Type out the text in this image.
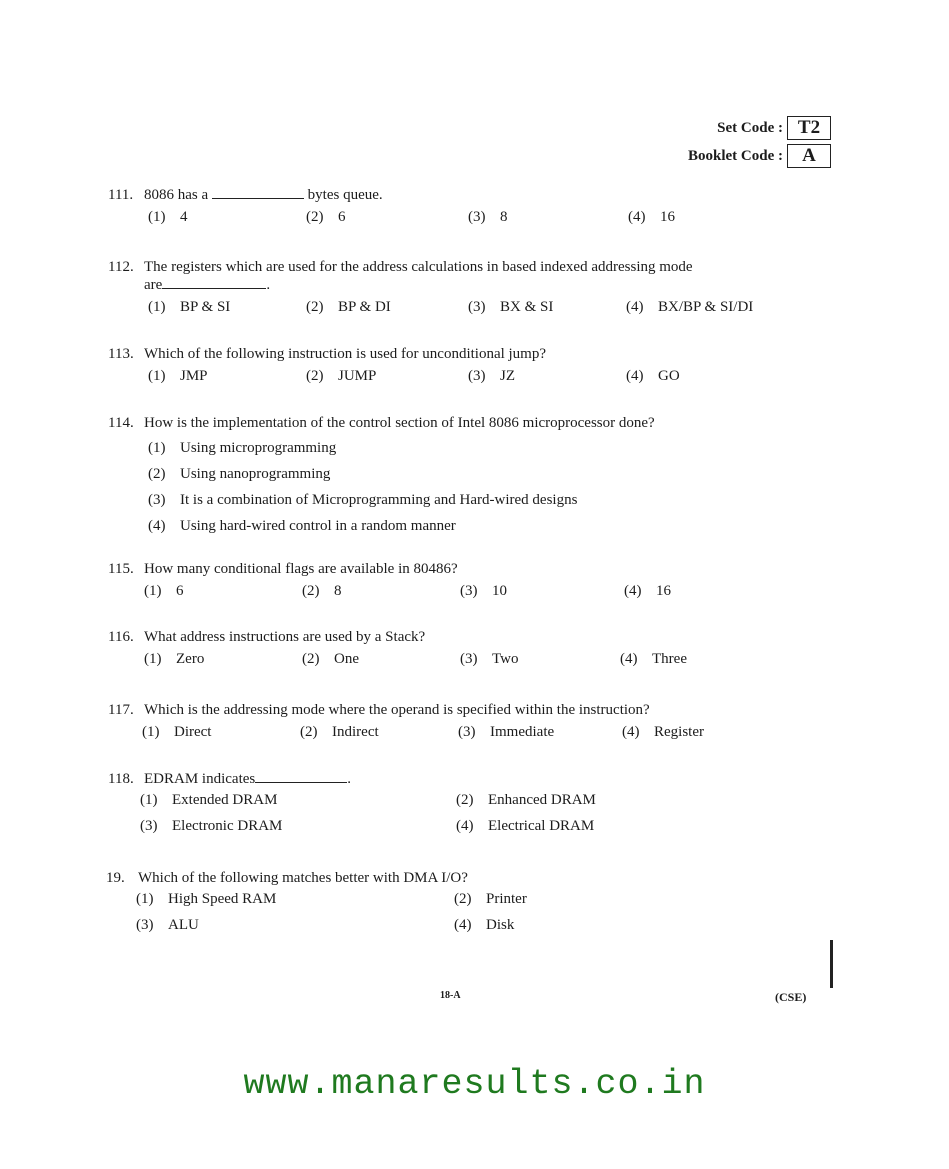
Set Code : T2
Booklet Code :	A
111. 8086 has a	bytes queue.
(1) 4	(2) 6	(3) 8	(4) 16
112. The registers which are used for the address calculations in based indexed addressing mode
are	.
(1) BP & SI	(2) BP & DI	(3) BX & SI	(4) BX/BP & SI/DI
113. Which of the following instruction is used for unconditional jump?
(1) JMP	(2) JUMP	(3) JZ	(4) GO
114. How is the implementation of the control section of Intel 8086 microprocessor done?
(1) Using microprogramming
(2) Using nanoprogramming
(3) It is a combination of Microprogramming and Hard-wired designs
(4) Using hard-wired control in a random manner
115. How many conditional flags are available in 80486?
(1) 6	(2) 8	(3) 10	(4) 16
116. What address instructions are used by a Stack?
(1) Zero	(2) One	(3) Two	(4) Three
117. Which is the addressing mode where the operand is specified within the instruction?
(1) Direct	(2) Indirect	(3) Immediate	(4) Register
118. EDRAM indicates	.
(1) Extended DRAM	(2) Enhanced DRAM
(3) Electronic DRAM	(4) Electrical DRAM
19. Which of the following matches better with DMA I/O?
(1) High Speed RAM	(2) Printer
(3) ALU	(4) Disk
18-A	(CSE)
www.manaresults.co.in
